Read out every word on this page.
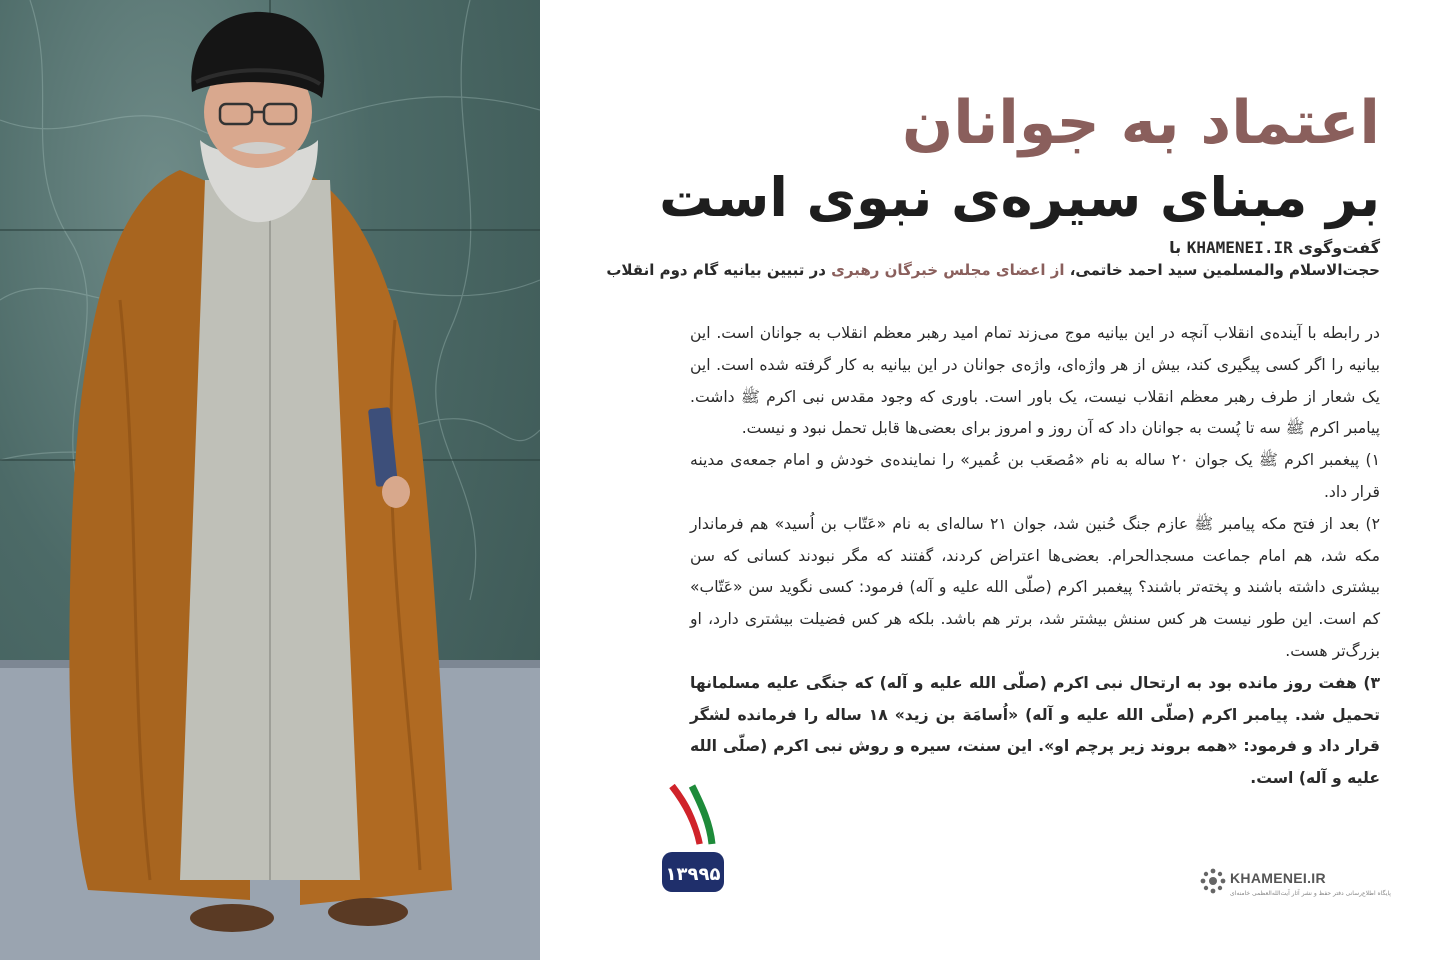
اعتماد به جوانان
بر مبنای سیره‌ی نبوی است
گفت‌وگوی KHAMENEI.IR با
حجت‌الاسلام والمسلمین سید احمد خاتمی، از اعضای مجلس خبرگان رهبری در تبیین بیانیه گام دوم انقلاب

در رابطه با آینده‌ی انقلاب آنچه در این بیانیه موج می‌زند تمام امید رهبر معظم انقلاب به جوانان است. این بیانیه را اگر کسی پیگیری کند، بیش از هر واژه‌ای، واژه‌ی جوانان در این بیانیه به کار گرفته شده است. این یک شعار از طرف رهبر معظم انقلاب نیست، یک باور است. باوری که وجود مقدس نبی اکرم ﷺ داشت. پیامبر اکرم ﷺ سه تا پُست به جوانان داد که آن روز و امروز برای بعضی‌ها قابل تحمل نبود و نیست.

۱) پیغمبر اکرم ﷺ یک جوان ۲۰ ساله به نام «مُصعَب بن عُمیر» را نماینده‌ی خودش و امام جمعه‌ی مدینه قرار داد.

۲) بعد از فتح مکه پیامبر ﷺ عازم جنگ حُنین شد، جوان ۲۱ ساله‌ای به نام «عَتّاب بن اُسید» هم فرماندار مکه شد، هم امام جماعت مسجدالحرام. بعضی‌ها اعتراض کردند، گفتند که مگر نبودند کسانی که سن بیشتری داشته باشند و پخته‌تر باشند؟ پیغمبر اکرم (صلّی الله علیه و آله) فرمود: کسی نگوید سن «عَتّاب» کم است. این طور نیست هر کس سنش بیشتر شد، برتر هم باشد. بلکه هر کس فضیلت بیشتری دارد، او بزرگ‌تر هست.

۳) هفت روز مانده بود به ارتحال نبی اکرم (صلّی الله علیه و آله) که جنگی علیه مسلمانها تحمیل شد. پیامبر اکرم (صلّی الله علیه و آله) «اُسامَة بن زید» ۱۸ ساله را فرمانده لشگر قرار داد و فرمود: «همه بروند زیر پرچم او». این سنت، سیره و روش نبی اکرم (صلّی الله علیه و آله) است.

۱۳۹۹۵	KHAMENEI.IR
پایگاه اطلاع‌رسانی دفتر حفظ و نشر آثار آیت‌الله‌العظمی خامنه‌ای
